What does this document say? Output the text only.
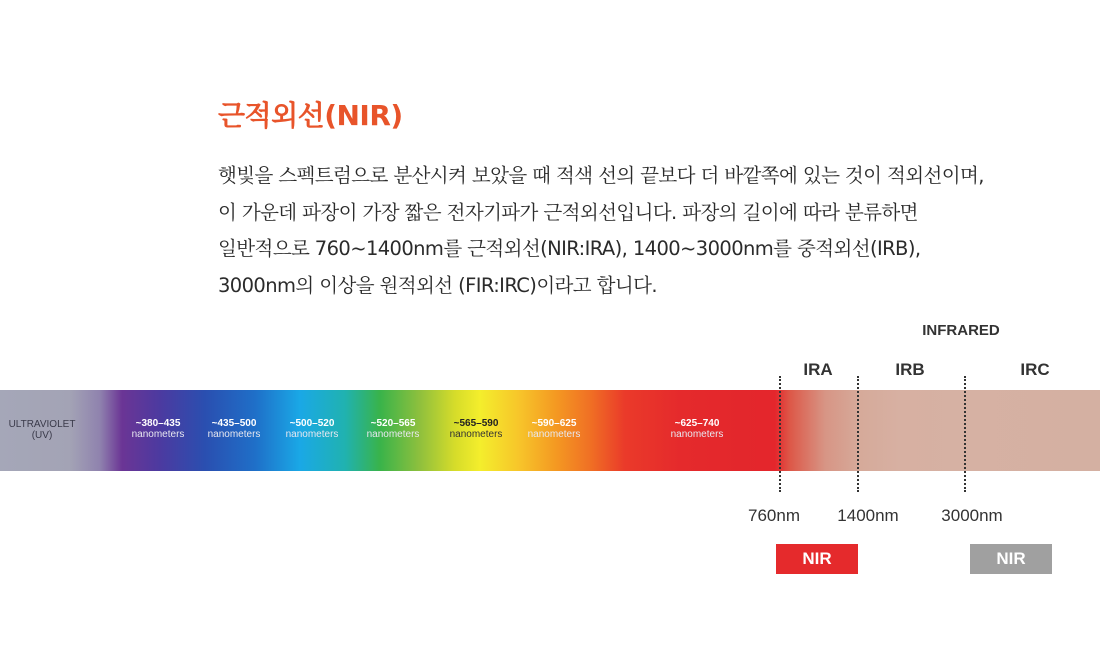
근적외선(NIR)
햇빛을 스펙트럼으로 분산시켜 보았을 때 적색 선의 끝보다 더 바깥쪽에 있는 것이 적외선이며,
이 가운데 파장이 가장 짧은 전자기파가 근적외선입니다. 파장의 길이에 따라 분류하면
일반적으로 760~1400nm를 근적외선(NIR:IRA), 1400~3000nm를 중적외선(IRB),
3000nm의 이상을 원적외선 (FIR:IRC)이라고 합니다.
INFRARED
IRA	IRB	IRC
ULTRAVIOLET
(UV)
~380–435
nanometers
~435–500
nanometers
~500–520
nanometers
~520–565
nanometers
~565–590
nanometers
~590–625
nanometers
~625–740
nanometers
760nm 1400nm	3000nm
NIR	NIR
